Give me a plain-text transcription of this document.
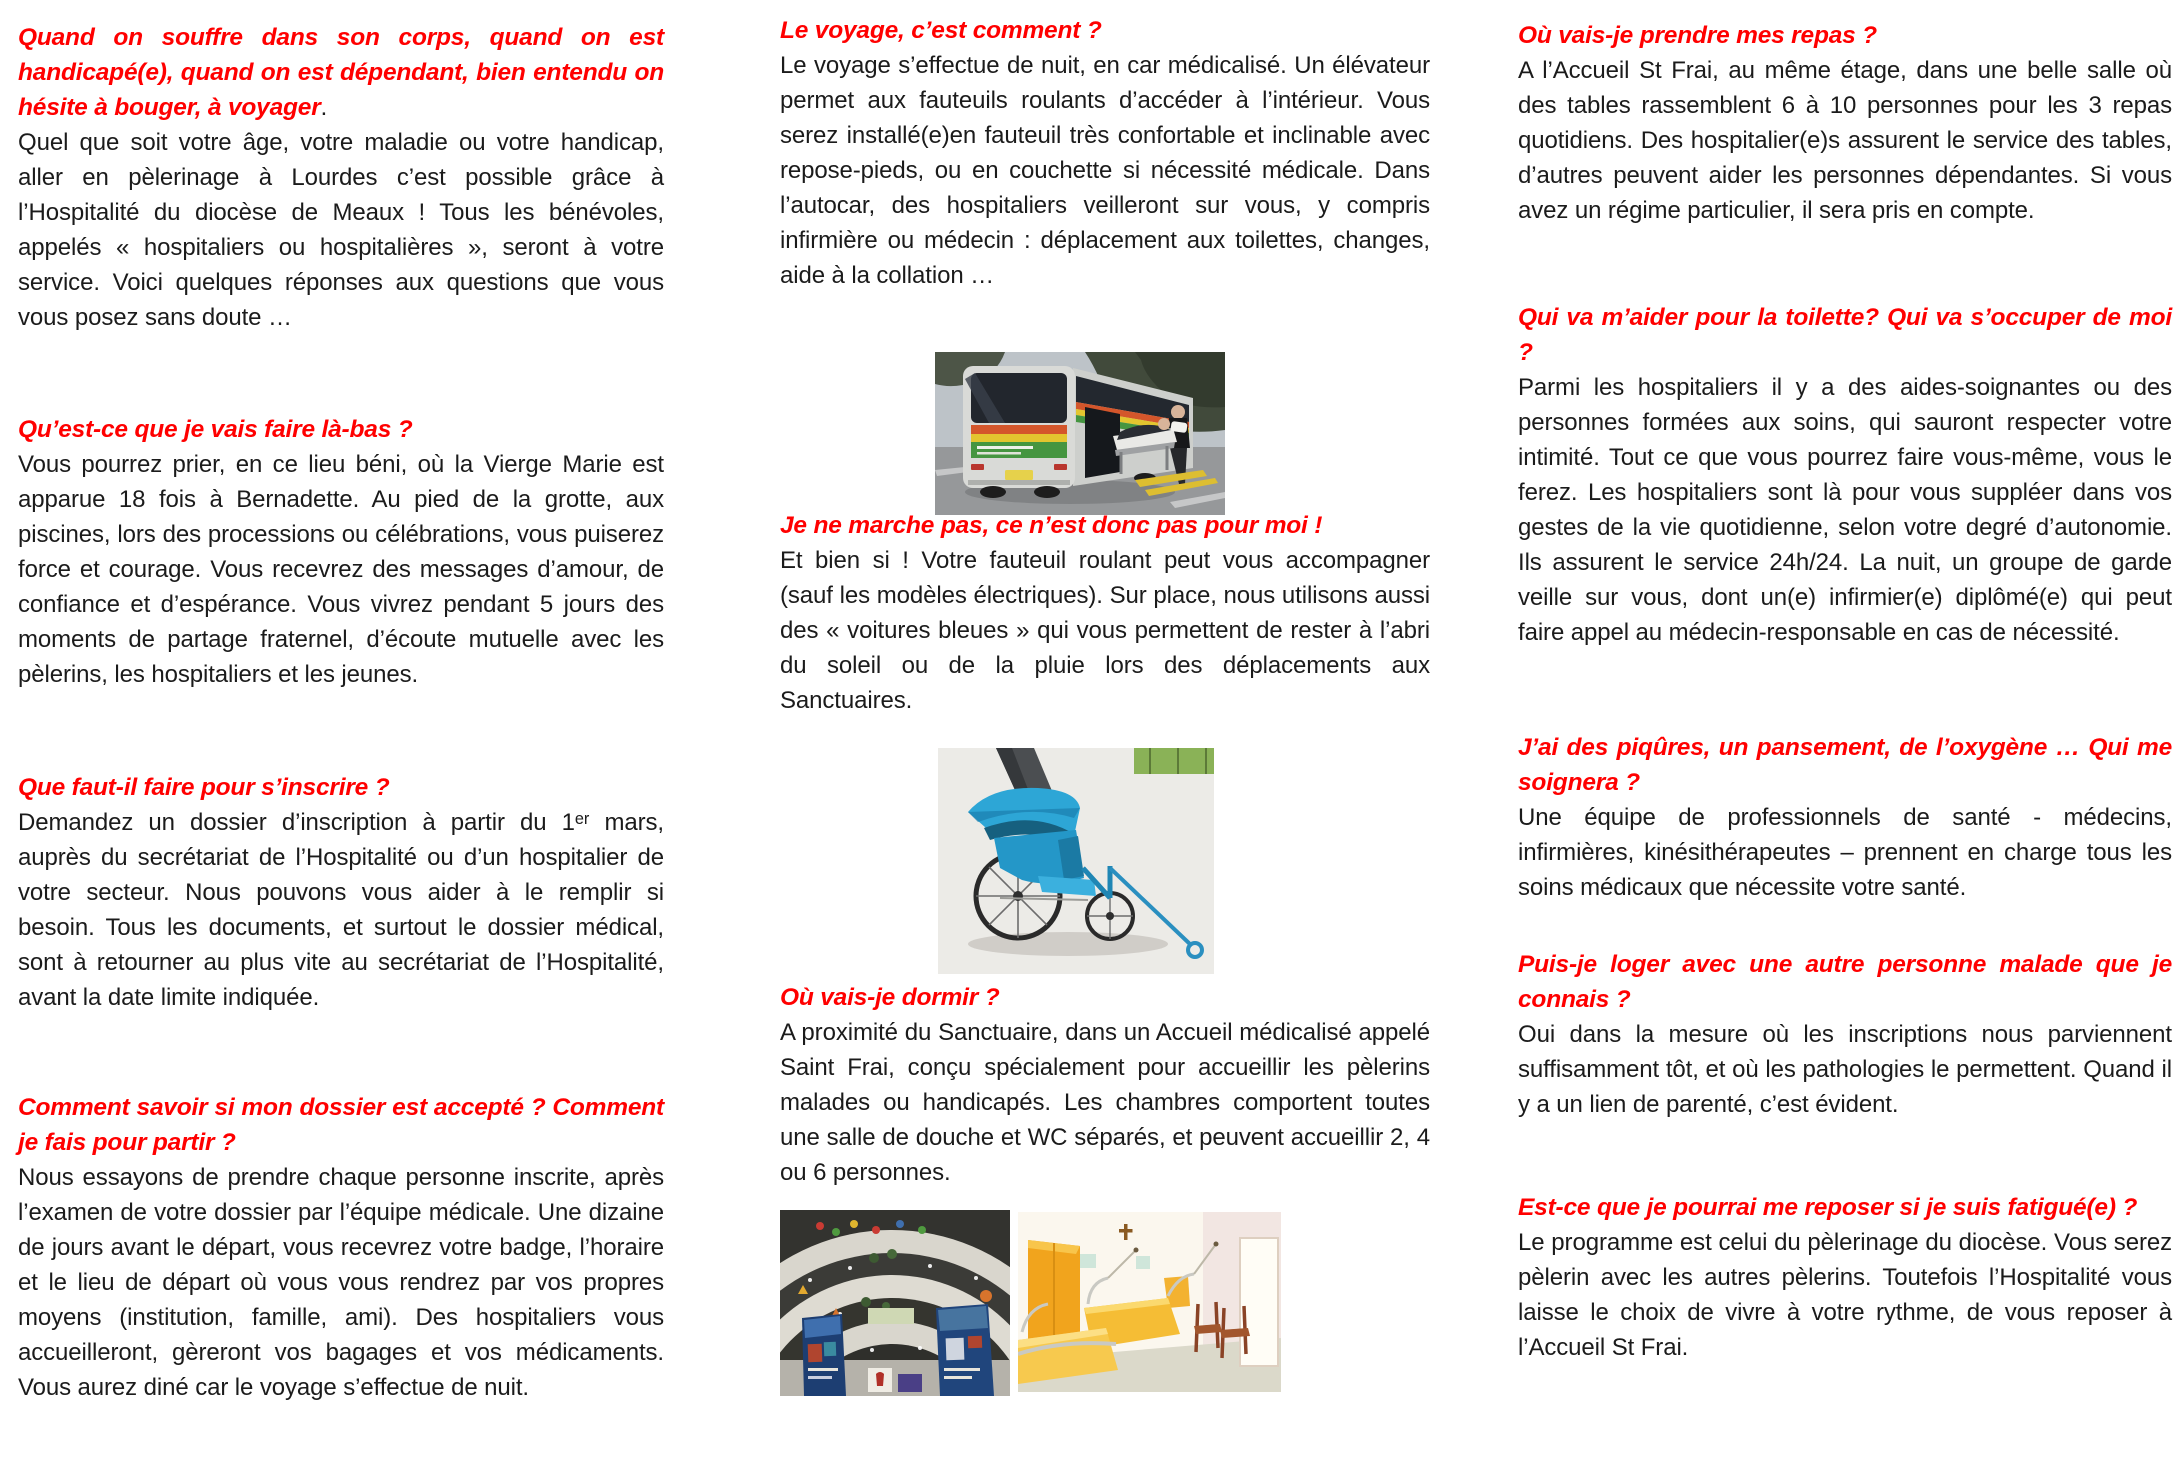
Quand on souffre dans son corps, quand on est handicapé(e), quand on est dépendant, bien entendu on hésite à bouger, à voyager.

Quel que soit votre âge, votre maladie ou votre handicap, aller en pèlerinage à Lourdes c’est possible grâce à l’Hospitalité du diocèse de Meaux ! Tous les bénévoles, appelés « hospitaliers ou hospitalières », seront à votre service. Voici quelques réponses aux questions que vous vous posez sans doute …

Qu’est-ce que je vais faire là-bas ?

Vous pourrez prier, en ce lieu béni, où la Vierge Marie est apparue 18 fois à Bernadette. Au pied de la grotte, aux piscines, lors des processions ou célébrations, vous puiserez force et courage. Vous recevrez des messages d’amour, de confiance et d’espérance. Vous vivrez pendant 5 jours des moments de partage fraternel, d’écoute mutuelle avec les pèlerins, les hospitaliers et les jeunes.

Que faut-il faire pour s’inscrire ?

Demandez un dossier d’inscription à partir du 1ᵉʳ mars, auprès du secrétariat de l’Hospitalité ou d’un hospitalier de votre secteur. Nous pouvons vous aider à le remplir si besoin. Tous les documents, et surtout le dossier médical, sont à retourner au plus vite au secrétariat de l’Hospitalité, avant la date limite indiquée.

Comment savoir si mon dossier est accepté ? Comment je fais pour partir ?

Nous essayons de prendre chaque personne inscrite, après l’examen de votre dossier par l’équipe médicale. Une dizaine de jours avant le départ, vous recevrez votre badge, l’horaire et le lieu de départ où vous vous rendrez par vos propres moyens (institution, famille, ami). Des hospitaliers vous accueilleront, gèreront vos bagages et vos médicaments. Vous aurez diné car le voyage s’effectue de nuit.

Le voyage, c’est comment ?

Le voyage s’effectue de nuit, en car médicalisé. Un élévateur permet aux fauteuils roulants d’accéder à l’intérieur. Vous serez installé(e)en fauteuil très confortable et inclinable avec repose-pieds, ou en couchette si nécessité médicale. Dans l’autocar, des hospitaliers veilleront sur vous, y compris infirmière ou médecin : déplacement aux toilettes, changes, aide à la collation …

Je ne marche pas, ce n’est donc pas pour moi !

Et bien si ! Votre fauteuil roulant peut vous accompagner (sauf les modèles électriques). Sur place, nous utilisons aussi des « voitures bleues » qui vous permettent de rester à l’abri du soleil ou de la pluie lors des déplacements aux Sanctuaires.

Où vais-je dormir ?

A proximité du Sanctuaire, dans un Accueil médicalisé appelé Saint Frai, conçu spécialement pour accueillir les pèlerins malades ou handicapés. Les chambres comportent toutes une salle de douche et WC séparés, et peuvent accueillir 2, 4 ou 6 personnes.

Où vais-je prendre mes repas ?

A l’Accueil St Frai, au même étage, dans une belle salle où des tables rassemblent 6 à 10 personnes pour les 3 repas quotidiens. Des hospitalier(e)s assurent le service des tables, d’autres peuvent aider les personnes dépendantes. Si vous avez un régime particulier, il sera pris en compte.

Qui va m’aider pour la toilette? Qui va s’occuper de moi ?

Parmi les hospitaliers il y a des aides-soignantes ou des personnes formées aux soins, qui sauront respecter votre intimité. Tout ce que vous pourrez faire vous-même, vous le ferez. Les hospitaliers sont là pour vous suppléer dans vos gestes de la vie quotidienne, selon votre degré d’autonomie. Ils assurent le service 24h/24. La nuit, un groupe de garde veille sur vous, dont un(e) infirmier(e) diplômé(e) qui peut faire appel au médecin-responsable en cas de nécessité.

J’ai des piqûres, un pansement, de l’oxygène … Qui me soignera ?

Une équipe de professionnels de santé - médecins, infirmières, kinésithérapeutes – prennent en charge tous les soins médicaux que nécessite votre santé.

Puis-je loger avec une autre personne malade que je connais ?

Oui dans la mesure où les inscriptions nous parviennent suffisamment tôt, et où les pathologies le permettent. Quand il y a un lien de parenté, c’est évident.

Est-ce que je pourrai me reposer si je suis fatigué(e) ?

Le programme est celui du pèlerinage du diocèse. Vous serez pèlerin avec les autres pèlerins. Toutefois l’Hospitalité vous laisse le choix de vivre à votre rythme, de vous reposer à l’Accueil St Frai.
